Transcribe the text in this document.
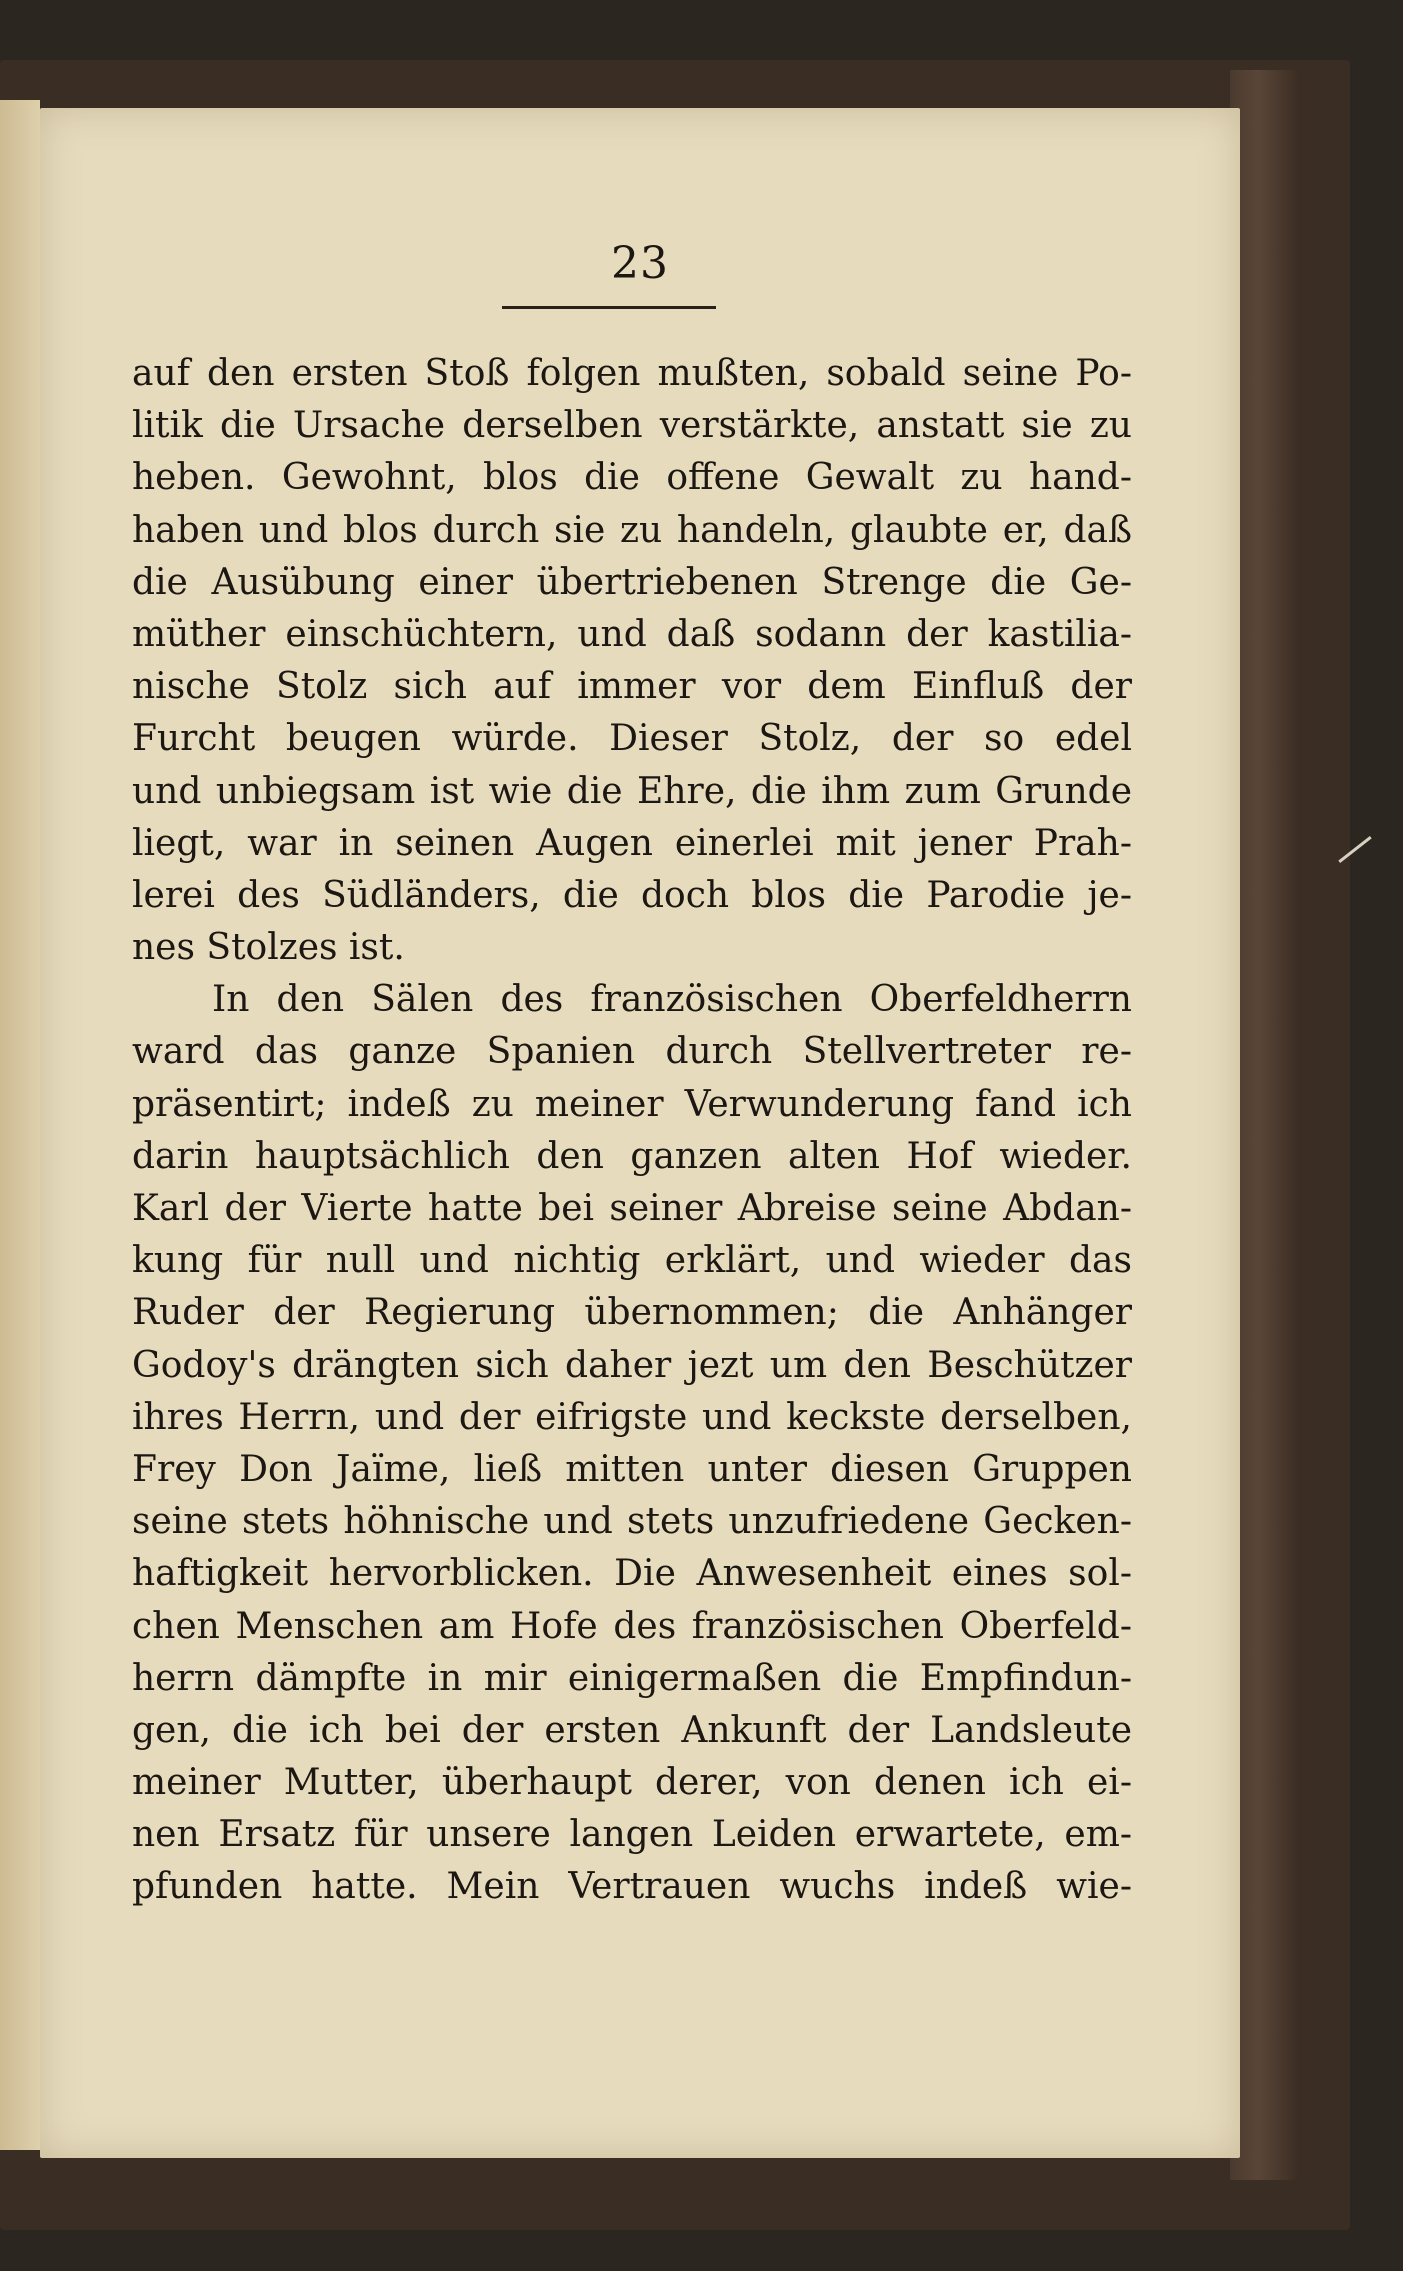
23
auf den ersten Stoß folgen mußten, sobald seine Po-
litik die Ursache derselben verstärkte, anstatt sie zu
heben. Gewohnt, blos die offene Gewalt zu hand-
haben und blos durch sie zu handeln, glaubte er, daß
die Ausübung einer übertriebenen Strenge die Ge-
müther einschüchtern, und daß sodann der kastilia-
nische Stolz sich auf immer vor dem Einfluß der
Furcht beugen würde. Dieser Stolz, der so edel
und unbiegsam ist wie die Ehre, die ihm zum Grunde
liegt, war in seinen Augen einerlei mit jener Prah-
lerei des Südländers, die doch blos die Parodie je-
nes Stolzes ist.
In den Sälen des französischen Oberfeldherrn
ward das ganze Spanien durch Stellvertreter re-
präsentirt; indeß zu meiner Verwunderung fand ich
darin hauptsächlich den ganzen alten Hof wieder.
Karl der Vierte hatte bei seiner Abreise seine Abdan-
kung für null und nichtig erklärt, und wieder das
Ruder der Regierung übernommen; die Anhänger
Godoy's drängten sich daher jezt um den Beschützer
ihres Herrn, und der eifrigste und keckste derselben,
Frey Don Jaïme, ließ mitten unter diesen Gruppen
seine stets höhnische und stets unzufriedene Gecken-
haftigkeit hervorblicken. Die Anwesenheit eines sol-
chen Menschen am Hofe des französischen Oberfeld-
herrn dämpfte in mir einigermaßen die Empfindun-
gen, die ich bei der ersten Ankunft der Landsleute
meiner Mutter, überhaupt derer, von denen ich ei-
nen Ersatz für unsere langen Leiden erwartete, em-
pfunden hatte. Mein Vertrauen wuchs indeß wie-
